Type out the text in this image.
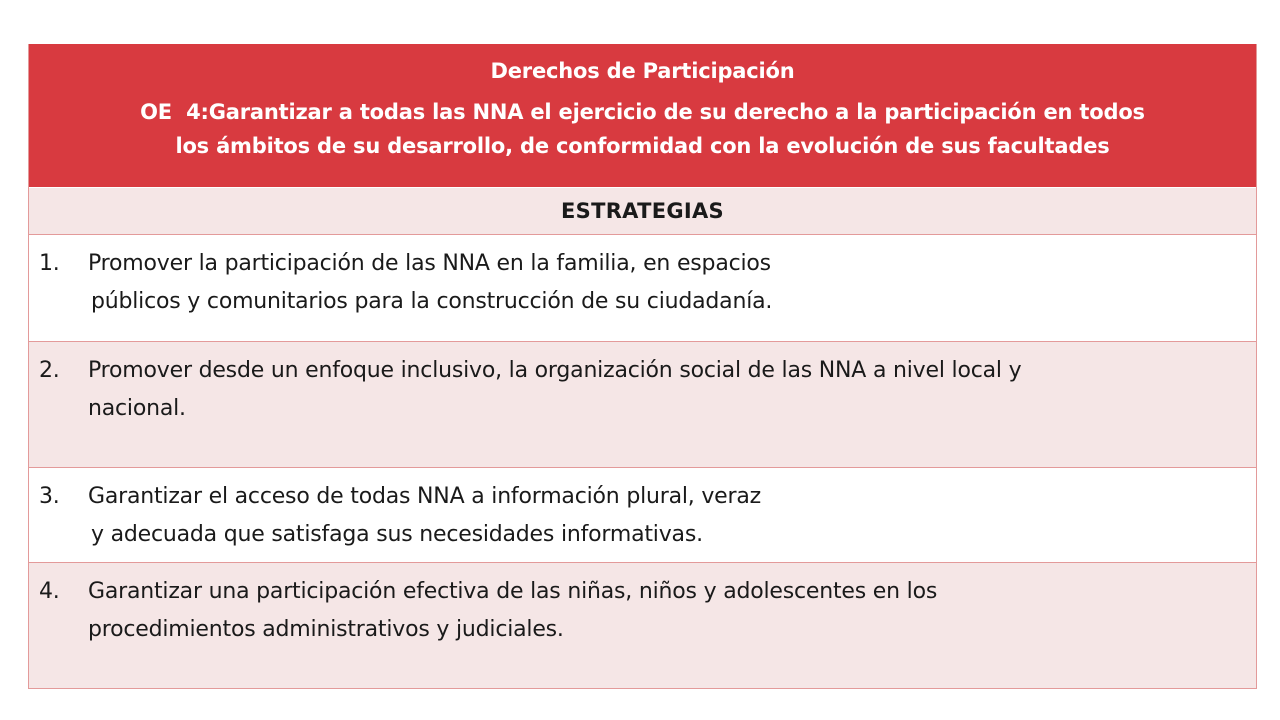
Derechos de Participación
OE  4:Garantizar a todas las NNA el ejercicio de su derecho a la participación en todos
los ámbitos de su desarrollo, de conformidad con la evolución de sus facultades
ESTRATEGIAS
1. Promover la participación de las NNA en la familia, en espacios
públicos y comunitarios para la construcción de su ciudadanía.
2. Promover desde un enfoque inclusivo, la organización social de las NNA a nivel local y
nacional.
3. Garantizar el acceso de todas NNA a información plural, veraz
y adecuada que satisfaga sus necesidades informativas.
4. Garantizar una participación efectiva de las niñas, niños y adolescentes en los
procedimientos administrativos y judiciales.
